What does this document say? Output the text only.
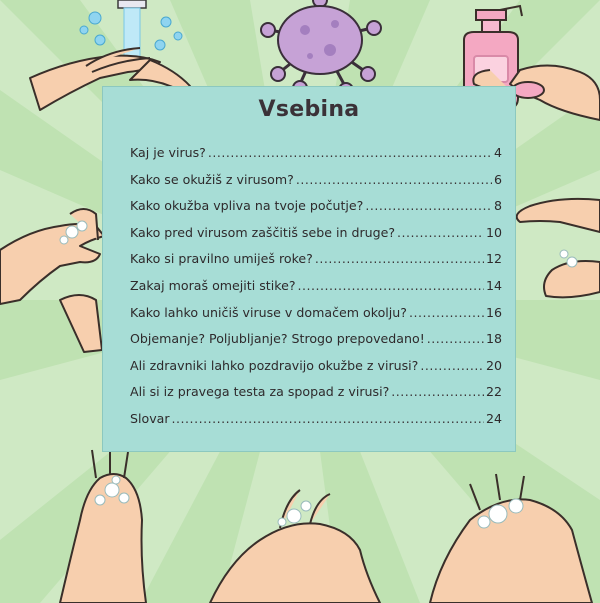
Vsebina
Kaj je virus? .....	4
Kako se okužiš z virusom? .....	6
Kako okužba vpliva na tvoje počutje? .....	8
Kako pred virusom zaščitiš sebe in druge? .....	10
Kako si pravilno umiješ roke? .....	12
Zakaj moraš omejiti stike? .....	14
Kako lahko uničiš viruse v domačem okolju? .....	16
Objemanje? Poljubljanje? Strogo prepovedano! .....	18
Ali zdravniki lahko pozdravijo okužbe z virusi? .....	20
Ali si iz pravega testa za spopad z virusi? .....	22
Slovar .....	24
